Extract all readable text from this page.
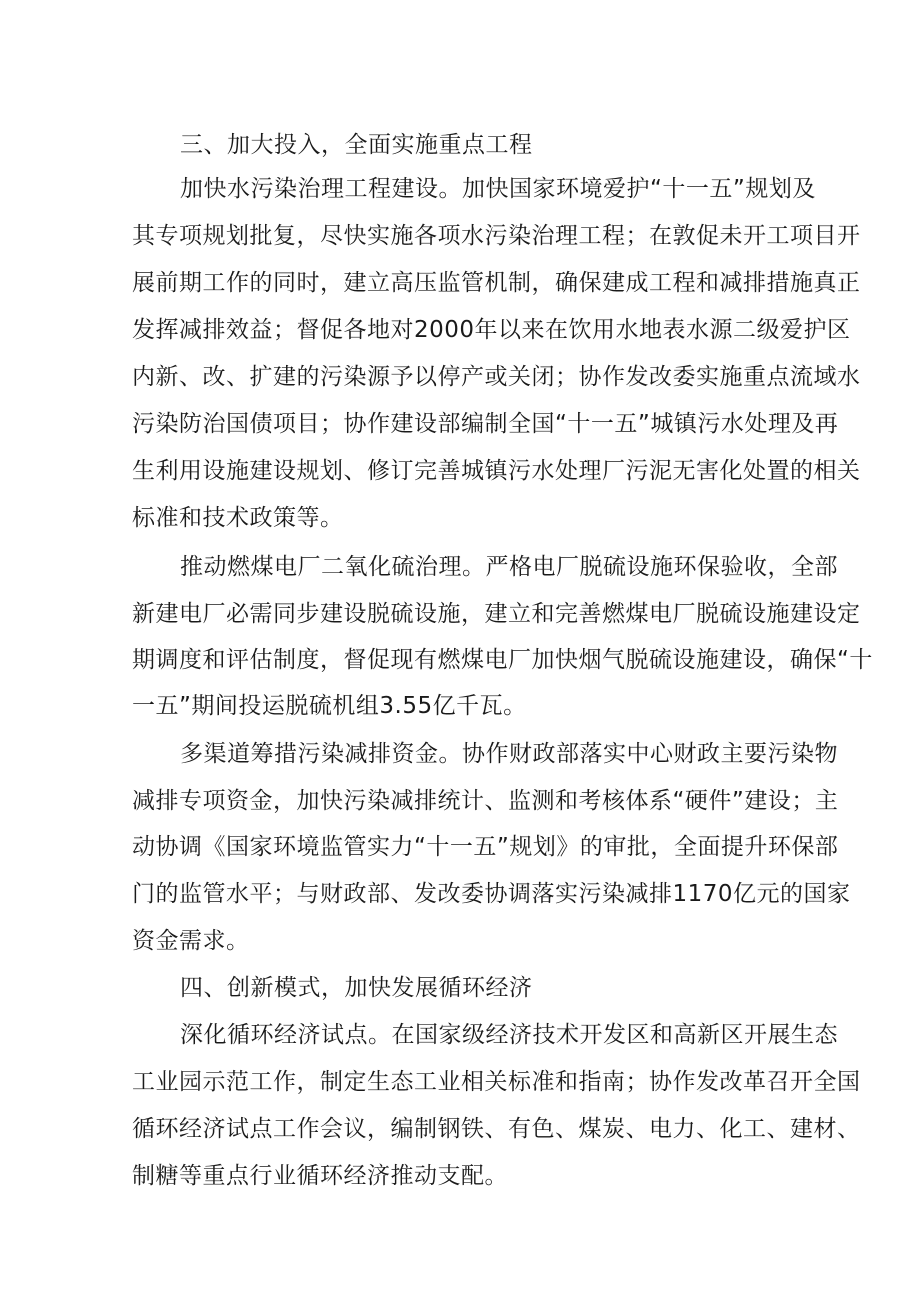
三、加大投入，全面实施重点工程
加快水污染治理工程建设。加快国家环境爱护“十一五”规划及
其专项规划批复，尽快实施各项水污染治理工程；在敦促未开工项目开
展前期工作的同时，建立高压监管机制，确保建成工程和减排措施真正
发挥减排效益；督促各地对2000年以来在饮用水地表水源二级爱护区
内新、改、扩建的污染源予以停产或关闭；协作发改委实施重点流域水
污染防治国债项目；协作建设部编制全国“十一五”城镇污水处理及再
生利用设施建设规划、修订完善城镇污水处理厂污泥无害化处置的相关
标准和技术政策等。
推动燃煤电厂二氧化硫治理。严格电厂脱硫设施环保验收，全部
新建电厂必需同步建设脱硫设施，建立和完善燃煤电厂脱硫设施建设定
期调度和评估制度，督促现有燃煤电厂加快烟气脱硫设施建设，确保“十
一五”期间投运脱硫机组3.55亿千瓦。
多渠道筹措污染减排资金。协作财政部落实中心财政主要污染物
减排专项资金，加快污染减排统计、监测和考核体系“硬件”建设；主
动协调《国家环境监管实力“十一五”规划》的审批，全面提升环保部
门的监管水平；与财政部、发改委协调落实污染减排1170亿元的国家
资金需求。
四、创新模式，加快发展循环经济
深化循环经济试点。在国家级经济技术开发区和高新区开展生态
工业园示范工作，制定生态工业相关标准和指南；协作发改革召开全国
循环经济试点工作会议，编制钢铁、有色、煤炭、电力、化工、建材、
制糖等重点行业循环经济推动支配。
